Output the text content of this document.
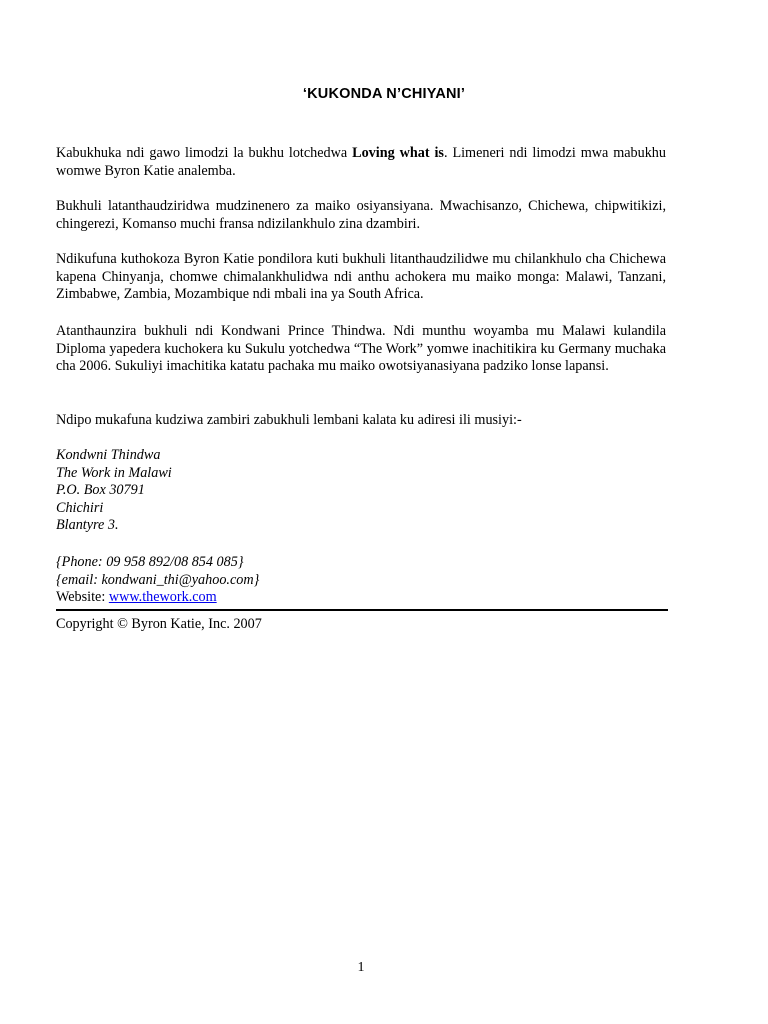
‘KUKONDA N’CHIYANI’

Kabukhuka ndi gawo limodzi la bukhu lotchedwa Loving what is. Limeneri ndi limodzi mwa mabukhu womwe Byron Katie analemba.

Bukhuli latanthaudziridwa mudzinenero za maiko osiyansiyana. Mwachisanzo, Chichewa, chipwitikizi, chingerezi, Komanso muchi fransa ndizilankhulo zina dzambiri.

Ndikufuna kuthokoza Byron Katie pondilora kuti bukhuli litanthaudzilidwe mu chilankhulo cha Chichewa kapena Chinyanja, chomwe chimalankhulidwa ndi anthu achokera mu maiko monga: Malawi, Tanzani, Zimbabwe, Zambia, Mozambique ndi mbali ina ya South Africa.

Atanthaunzira bukhuli ndi Kondwani Prince Thindwa. Ndi munthu woyamba mu Malawi kulandila Diploma yapedera kuchokera ku Sukulu yotchedwa “The Work” yomwe inachitikira ku Germany muchaka cha 2006. Sukuliyi imachitika katatu pachaka mu maiko owotsiyanasiyana padziko lonse lapansi.

Ndipo mukafuna kudziwa zambiri zabukhuli lembani kalata ku adiresi ili musiyi:-

Kondwni Thindwa
The Work in Malawi
P.O. Box 30791
Chichiri
Blantyre 3.
{Phone: 09 958 892/08 854 085}
{email: kondwani_thi@yahoo.com}
Website: www.thework.com
Copyright © Byron Katie, Inc. 2007
1
